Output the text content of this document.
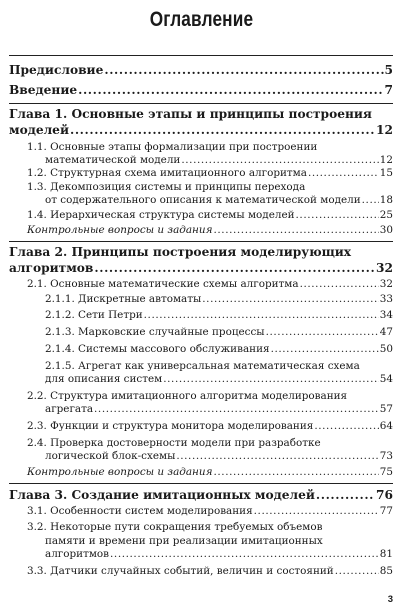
Оглавление
Предисловие .....	5
Введение .....	7
Глава 1. Основные этапы и принципы построения
моделей .....	12
1.1. Основные этапы формализации при построении
математической модели .....	12
1.2. Структурная схема имитационного алгоритма .....	15
1.3. Декомпозиция системы и принципы перехода
от содержательного описания к математической модели ..... 18
1.4. Иерархическая структура системы моделей .....	25
Контрольные вопросы и задания .....	30
Глава 2. Принципы построения моделирующих
алгоритмов .....	32
2.1. Основные математические схемы алгоритма .....	32
2.1.1. Дискретные автоматы .....	33
2.1.2. Сети Петри .....	34
2.1.3. Марковские случайные процессы .....	47
2.1.4. Системы массового обслуживания .....	50
2.1.5. Агрегат как универсальная математическая схема
для описания систем .....	54
2.2. Структура имитационного алгоритма моделирования
агрегата .....	57
2.3. Функции и структура монитора моделирования .....	64
2.4. Проверка достоверности модели при разработке
логической блок-схемы .....	73
Контрольные вопросы и задания .....	75
Глава 3. Создание имитационных моделей .....	76
3.1. Особенности систем моделирования .....	77
3.2. Некоторые пути сокращения требуемых объемов
памяти и времени при реализации имитационных
алгоритмов .....	81
3.3. Датчики случайных событий, величин и состояний .....	85
3
